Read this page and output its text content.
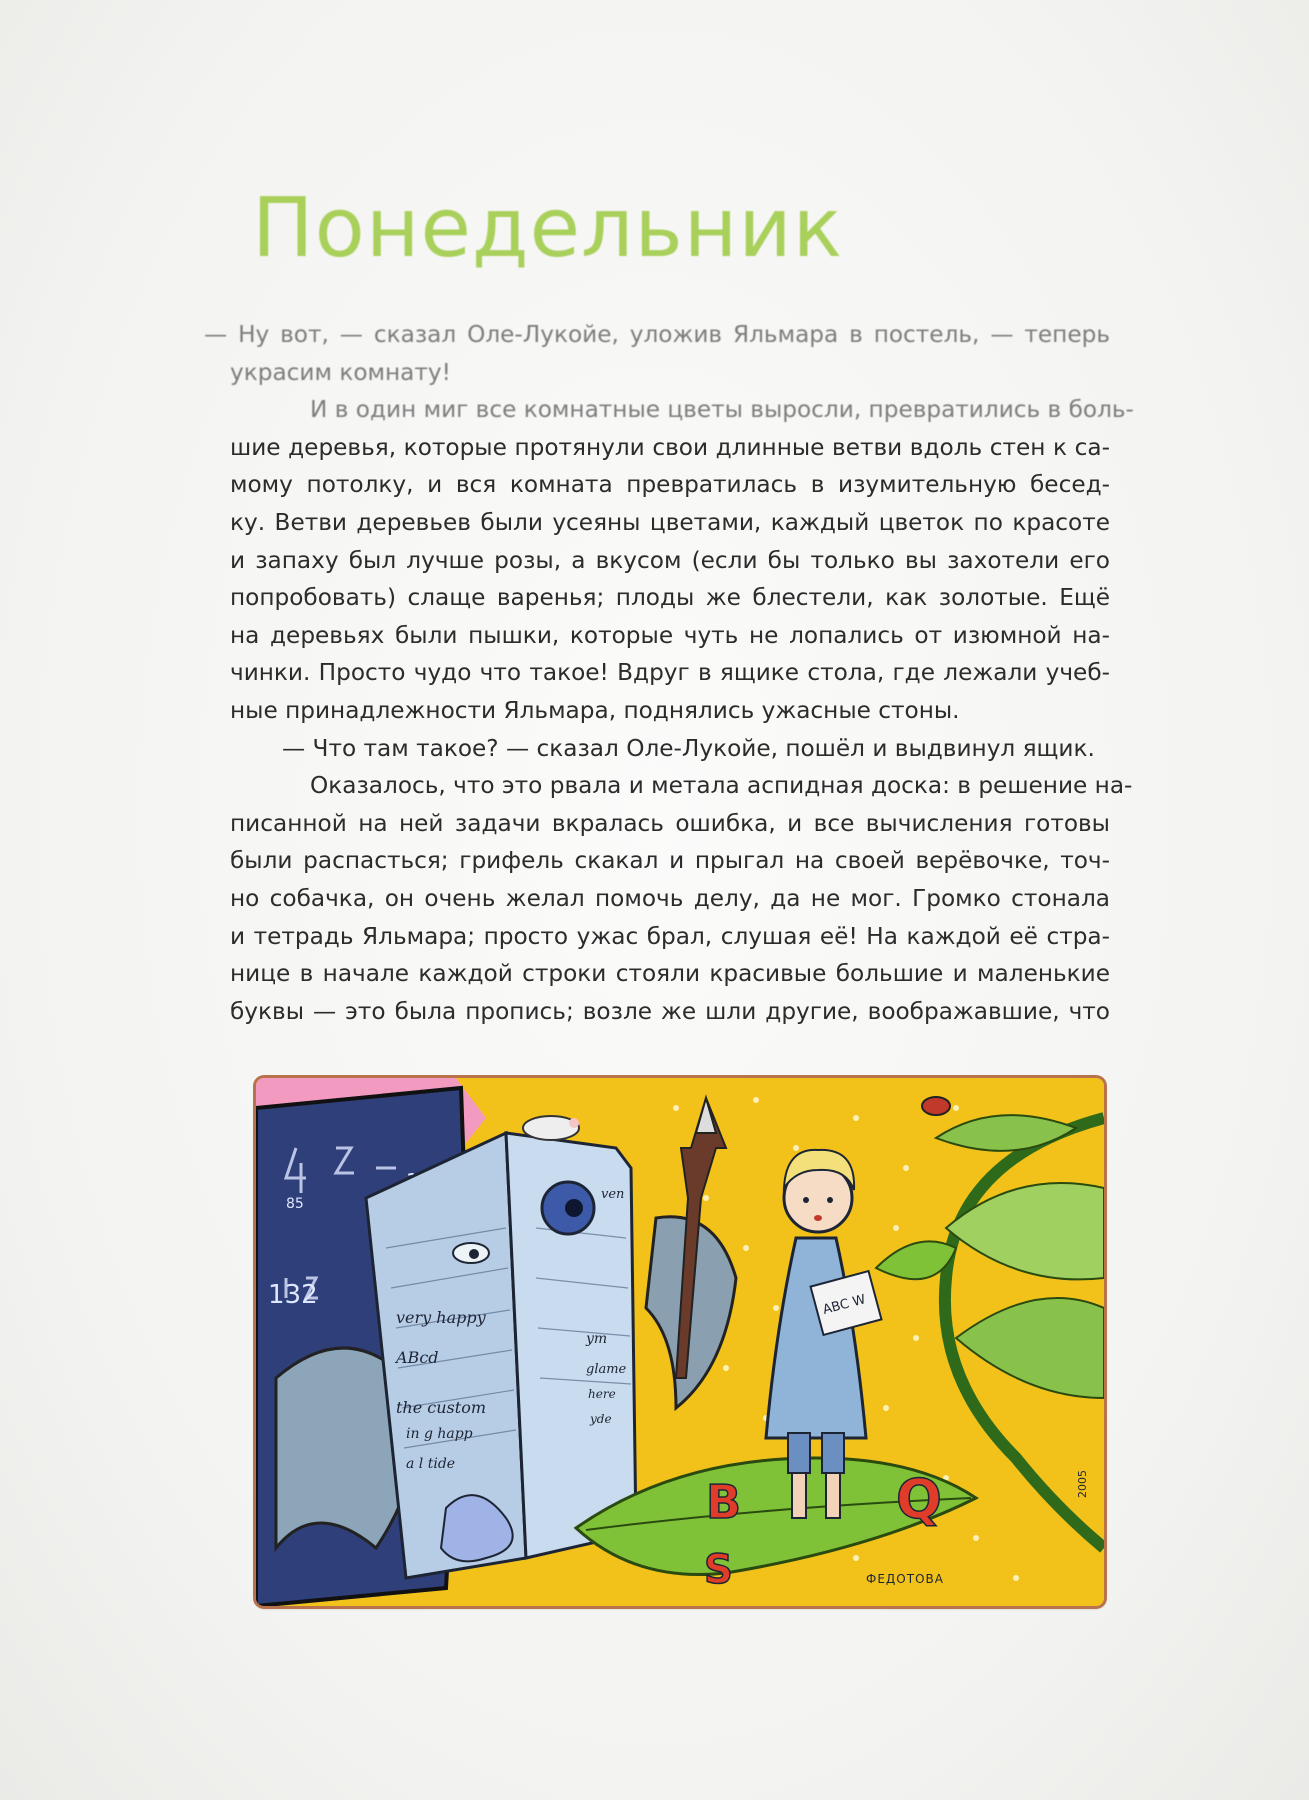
Понедельник
— Ну вот, — сказал Оле-Лукойе, уложив Яльмара в постель, — теперь
украсим комнату!
И в один миг все комнатные цветы выросли, превратились в боль-
шие деревья, которые протянули свои длинные ветви вдоль стен к са-
мому потолку, и вся комната превратилась в изумительную бесед-
ку. Ветви деревьев были усеяны цветами, каждый цветок по красоте
и запаху был лучше розы, а вкусом (если бы только вы захотели его
попробовать) слаще варенья; плоды же блестели, как золотые. Ещё
на деревьях были пышки, которые чуть не лопались от изюмной на-
чинки. Просто чудо что такое! Вдруг в ящике стола, где лежали учеб-
ные принадлежности Яльмара, поднялись ужасные стоны.
— Что там такое? — сказал Оле-Лукойе, пошёл и выдвинул ящик.
Оказалось, что это рвала и метала аспидная доска: в решение на-
писанной на ней задачи вкралась ошибка, и все вычисления готовы
были распасться; грифель скакал и прыгал на своей верёвочке, точ-
но собачка, он очень желал помочь делу, да не мог. Громко стонала
и тетрадь Яльмара; просто ужас брал, слушая её! На каждой её стра-
нице в начале каждой строки стояли красивые большие и маленькие
буквы — это была пропись; возле же шли другие, воображавшие, что
85
132
very happy
ABcd
the custom
in g happ
a l tide
ven
ym
glame
here
yde
ABC W
B
S
Q
ФЕДОТОВА
2005
